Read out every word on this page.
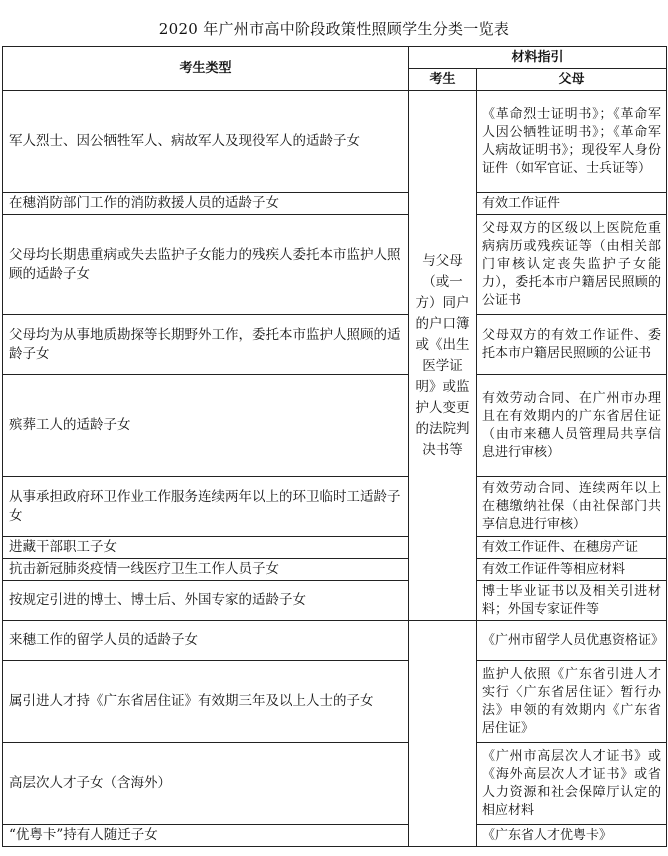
2020 年广州市高中阶段政策性照顾学生分类一览表
考生类型	材料指引	
	考生	父母
军人烈士、因公牺牲军人、病故军人及现役军人的适龄子女	与父母（或一方）同户的户口簿或《出生医学证明》或监护人变更的法院判决书等	《革命烈士证明书》；《革命军人因公牺牲证明书》；《革命军人病故证明书》；现役军人身份证件（如军官证、士兵证等）
在穗消防部门工作的消防救援人员的适龄子女		有效工作证件
父母均长期患重病或失去监护子女能力的残疾人委托本市监护人照顾的适龄子女		父母双方的区级以上医院危重病病历或残疾证等（由相关部门审核认定丧失监护子女能力），委托本市户籍居民照顾的公证书
父母均为从事地质勘探等长期野外工作，委托本市监护人照顾的适龄子女		父母双方的有效工作证件、委托本市户籍居民照顾的公证书
殡葬工人的适龄子女		有效劳动合同、在广州市办理且在有效期内的广东省居住证（由市来穗人员管理局共享信息进行审核）
从事承担政府环卫作业工作服务连续两年以上的环卫临时工适龄子女		有效劳动合同、连续两年以上在穗缴纳社保（由社保部门共享信息进行审核）
进藏干部职工子女		有效工作证件、在穗房产证
抗击新冠肺炎疫情一线医疗卫生工作人员子女		有效工作证件等相应材料
按规定引进的博士、博士后、外国专家的适龄子女		博士毕业证书以及相关引进材料；外国专家证件等
来穗工作的留学人员的适龄子女		《广州市留学人员优惠资格证》
属引进人才持《广东省居住证》有效期三年及以上人士的子女		监护人依照《广东省引进人才实行〈广东省居住证〉暂行办法》申领的有效期内《广东省居住证》
高层次人才子女（含海外）		《广州市高层次人才证书》或《海外高层次人才证书》或省人力资源和社会保障厅认定的相应材料
“优粤卡”持有人随迁子女		《广东省人才优粤卡》
